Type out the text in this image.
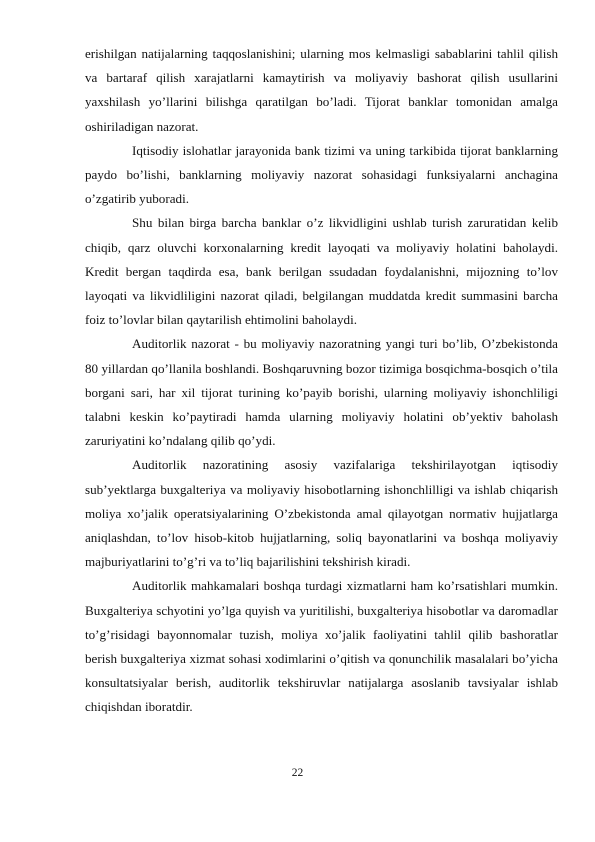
erishilgan natijalarning taqqoslanishini; ularning mos kelmasligi sabablarini tahlil qilish va bartaraf qilish xarajatlarni kamaytirish va moliyaviy bashorat qilish usullarini yaxshilash yo’llarini bilishga qaratilgan bo’ladi. Tijorat banklar tomonidan amalga oshiriladigan nazorat.

Iqtisodiy islohatlar jarayonida bank tizimi va uning tarkibida tijorat banklarning paydo bo’lishi, banklarning moliyaviy nazorat sohasidagi funksiyalarni anchagina o’zgatirib yuboradi.

Shu bilan birga barcha banklar o’z likvidligini ushlab turish zaruratidan kelib chiqib, qarz oluvchi korxonalarning kredit layoqati va moliyaviy holatini baholaydi. Kredit bergan taqdirda esa, bank berilgan ssudadan foydalanishni, mijozning to’lov layoqati va likvidliligini nazorat qiladi, belgilangan muddatda kredit summasini barcha foiz to’lovlar bilan qaytarilish ehtimolini baholaydi.

Auditorlik nazorat - bu moliyaviy nazoratning yangi turi bo’lib, O’zbekistonda 80 yillardan qo’llanila boshlandi. Boshqaruvning bozor tizimiga bosqichma-bosqich o’tila borgani sari, har xil tijorat turining ko’payib borishi, ularning moliyaviy ishonchliligi talabni keskin ko’paytiradi hamda ularning moliyaviy holatini ob’yektiv baholash zaruriyatini ko’ndalang qilib qo’ydi.

Auditorlik nazoratining asosiy vazifalariga tekshirilayotgan iqtisodiy sub’yektlarga buxgalteriya va moliyaviy hisobotlarning ishonchlilligi va ishlab chiqarish moliya xo’jalik operatsiyalarining O’zbekistonda amal qilayotgan normativ hujjatlarga aniqlashdan, to’lov hisob-kitob hujjatlarning, soliq bayonatlarini va boshqa moliyaviy majburiyatlarini to’g’ri va to’liq bajarilishini tekshirish kiradi.

Auditorlik mahkamalari boshqa turdagi xizmatlarni ham ko’rsatishlari mumkin. Buxgalteriya schyotini yo’lga quyish va yuritilishi, buxgalteriya hisobotlar va daromadlar to’g’risidagi bayonnomalar tuzish, moliya xo’jalik faoliyatini tahlil qilib bashoratlar berish buxgalteriya xizmat sohasi xodimlarini o’qitish va qonunchilik masalalari bo’yicha konsultatsiyalar berish, auditorlik tekshiruvlar natijalarga asoslanib tavsiyalar ishlab chiqishdan iboratdir.

22
